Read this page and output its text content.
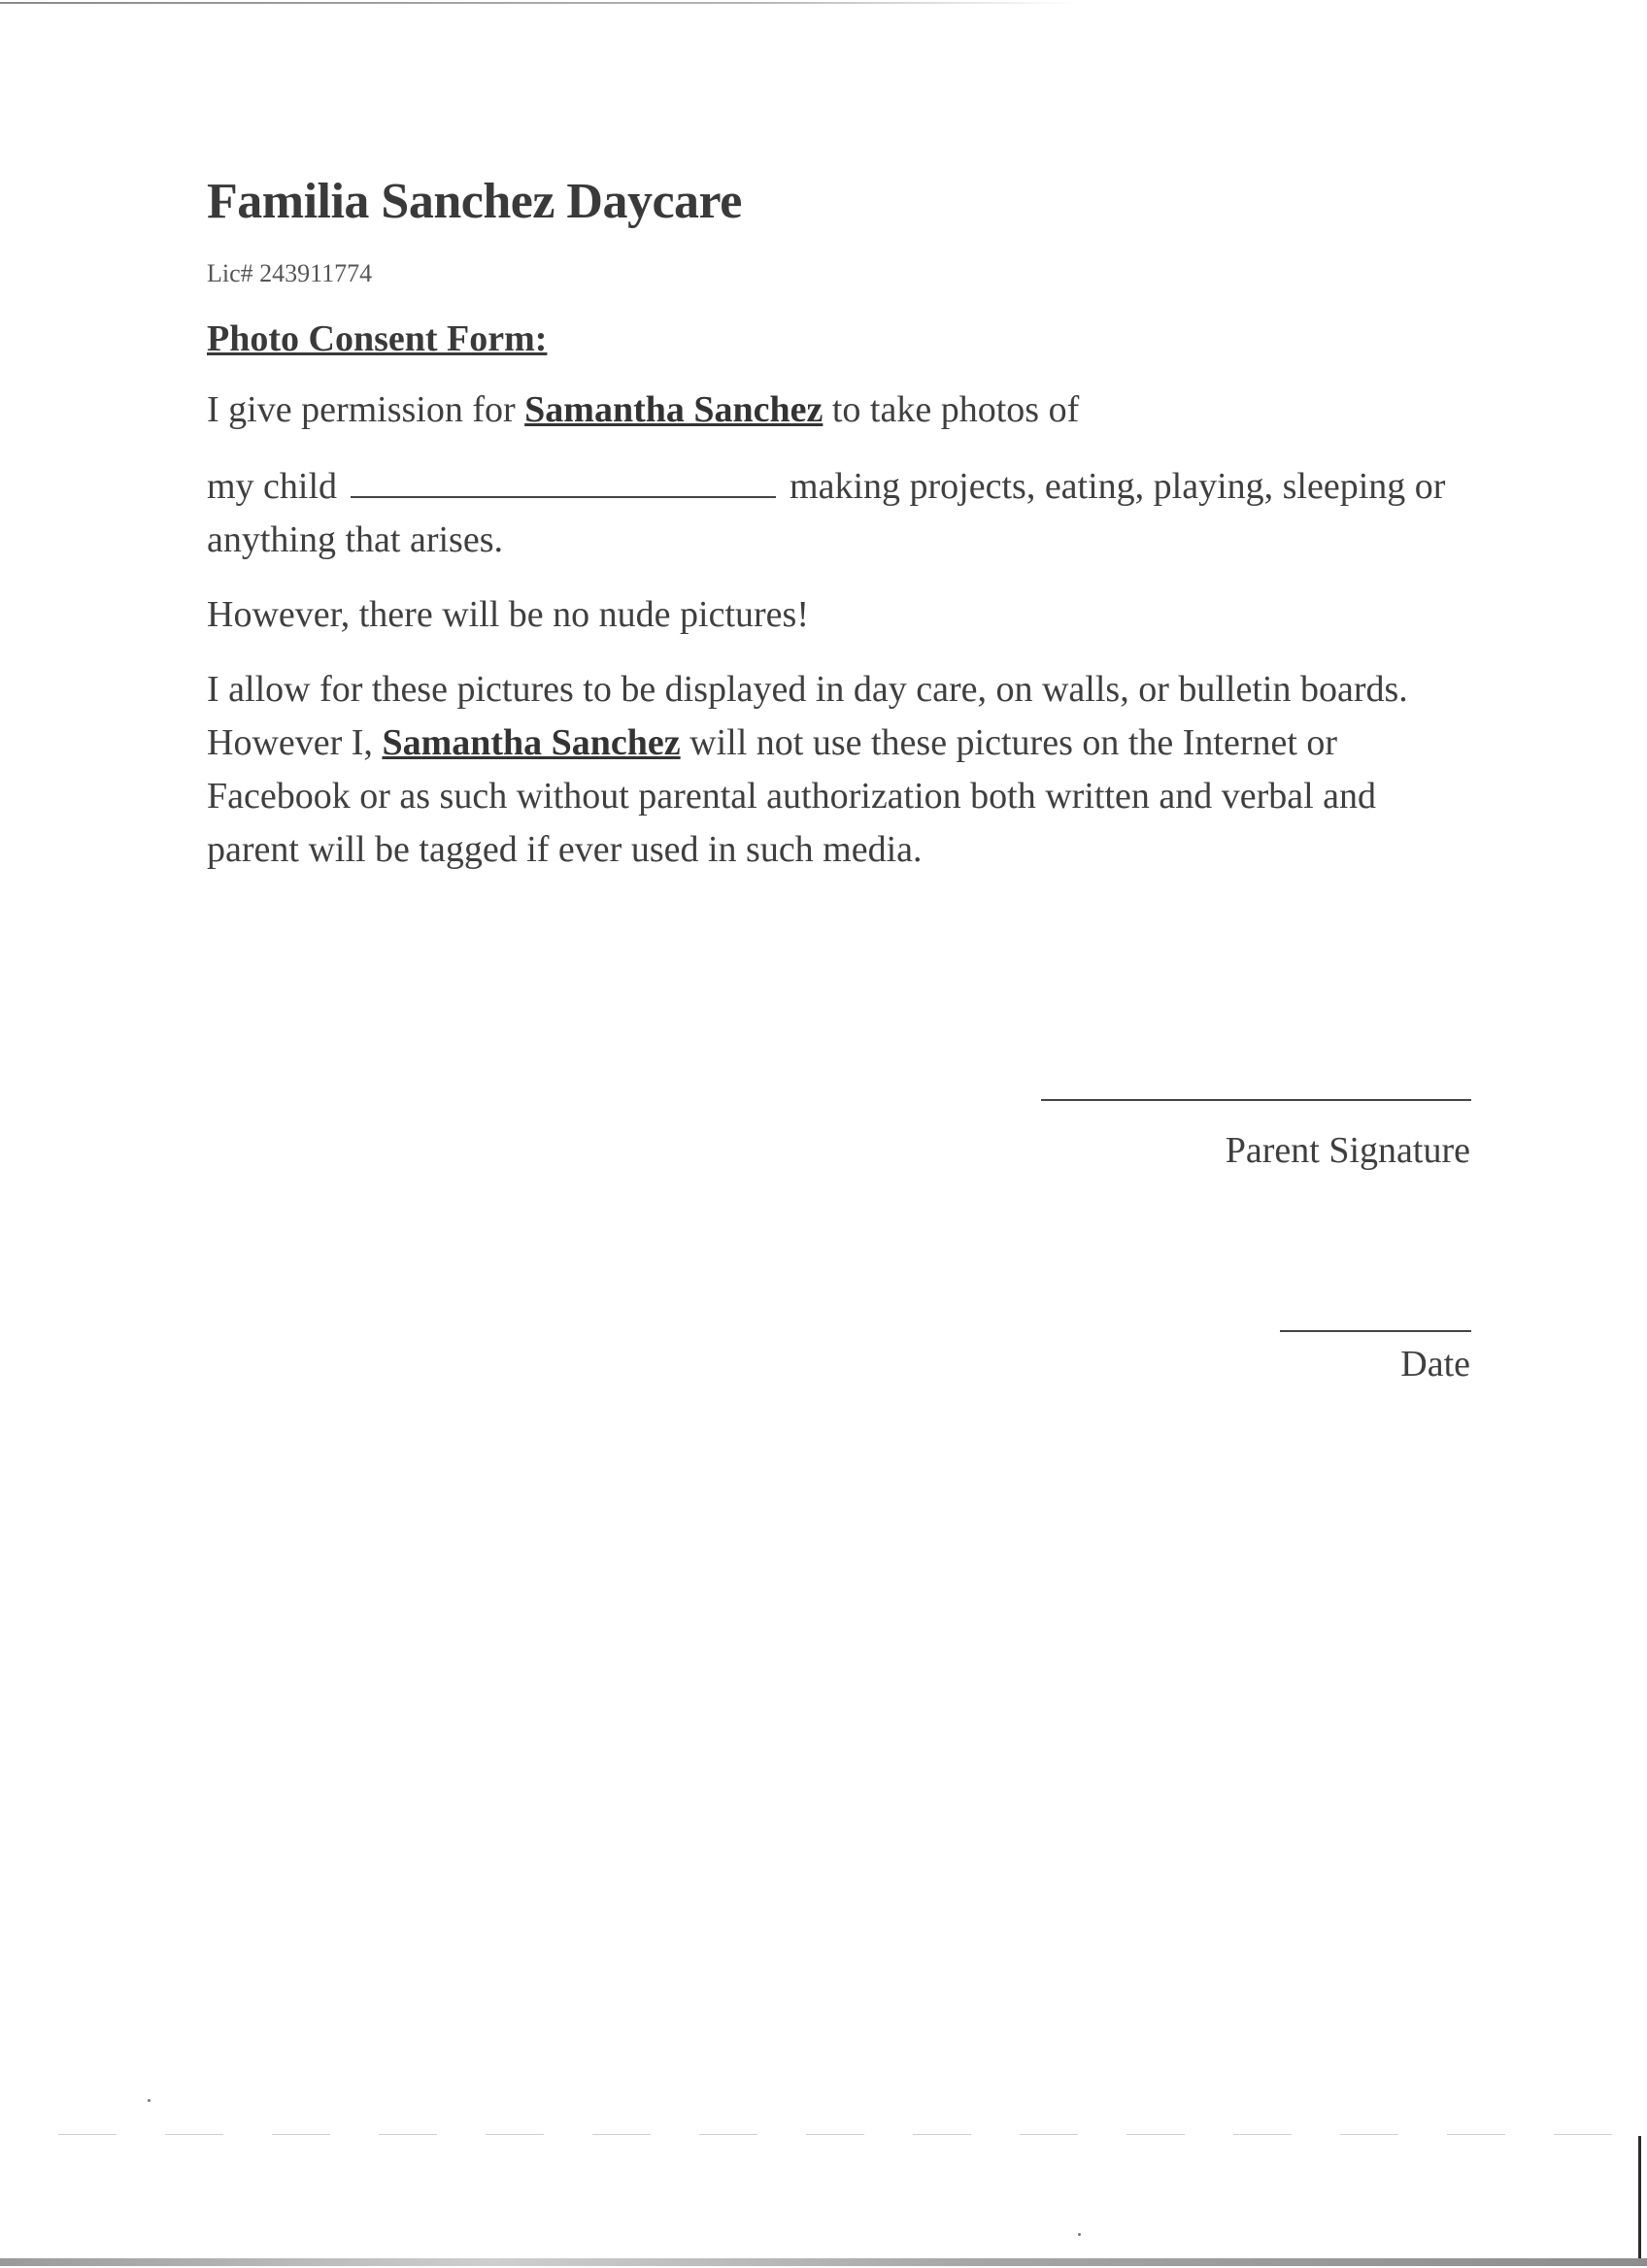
Familia Sanchez Daycare
Lic# 243911774
Photo Consent Form:
I give permission for Samantha Sanchez to take photos of
my child	making projects, eating, playing, sleeping or anything that arises.
However, there will be no nude pictures!
I allow for these pictures to be displayed in day care, on walls, or bulletin boards. However I, Samantha Sanchez will not use these pictures on the Internet or Facebook or as such without parental authorization both written and verbal and parent will be tagged if ever used in such media.
Parent Signature
Date
